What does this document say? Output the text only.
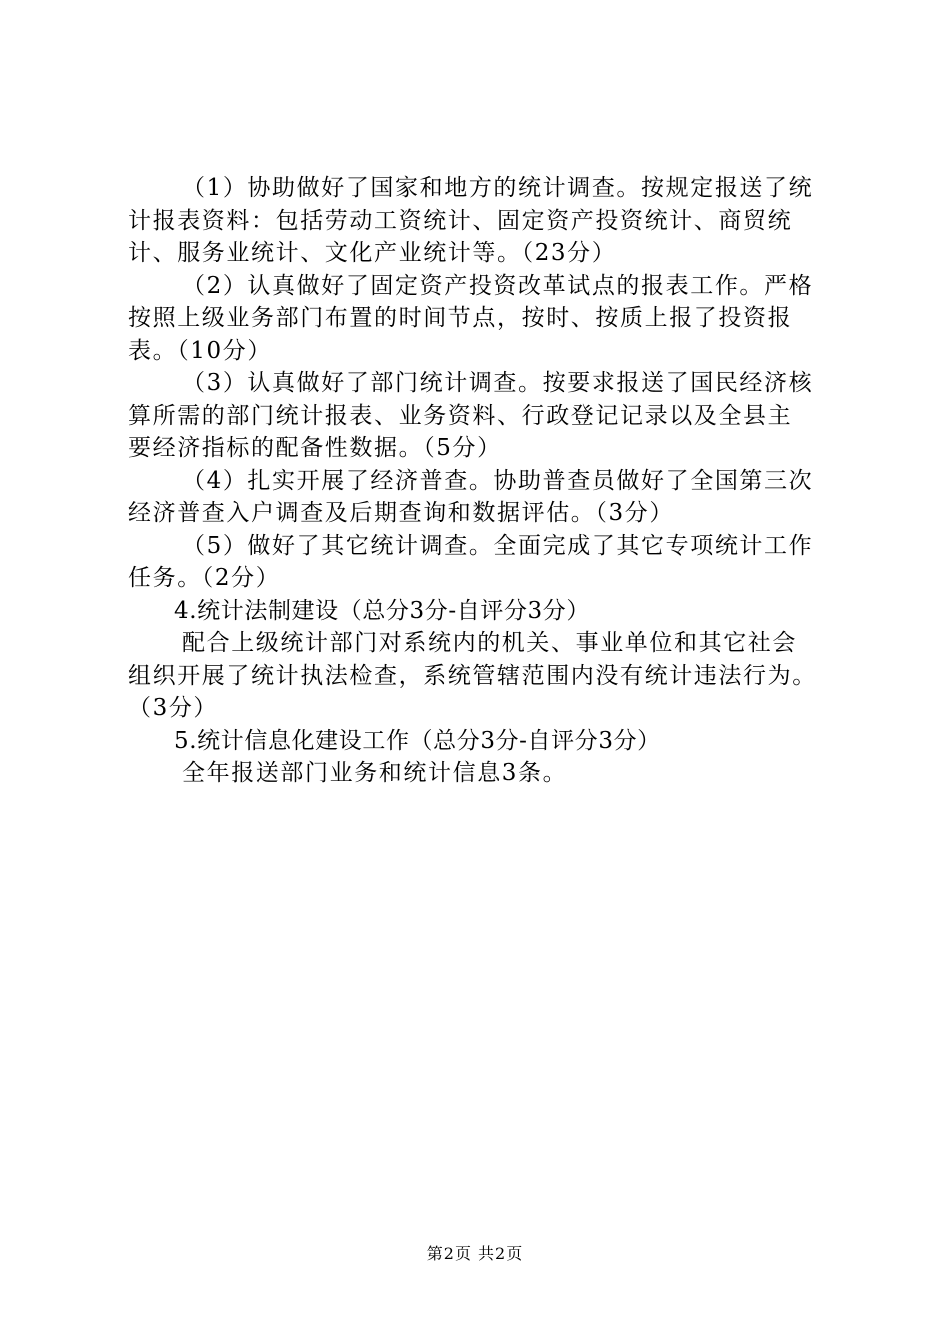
（1）协助做好了国家和地方的统计调查。按规定报送了统
计报表资料：包括劳动工资统计、固定资产投资统计、商贸统
计、服务业统计、文化产业统计等。（23分）
（2）认真做好了固定资产投资改革试点的报表工作。严格
按照上级业务部门布置的时间节点，按时、按质上报了投资报
表。（10分）
（3）认真做好了部门统计调查。按要求报送了国民经济核
算所需的部门统计报表、业务资料、行政登记记录以及全县主
要经济指标的配备性数据。（5分）
（4）扎实开展了经济普查。协助普查员做好了全国第三次
经济普查入户调查及后期查询和数据评估。（3分）
（5）做好了其它统计调查。全面完成了其它专项统计工作
任务。（2分）
4.统计法制建设（总分3分-自评分3分）
配合上级统计部门对系统内的机关、事业单位和其它社会
组织开展了统计执法检查，系统管辖范围内没有统计违法行为。
（3分）
5.统计信息化建设工作（总分3分-自评分3分）
全年报送部门业务和统计信息3条。
第2页 共2页
